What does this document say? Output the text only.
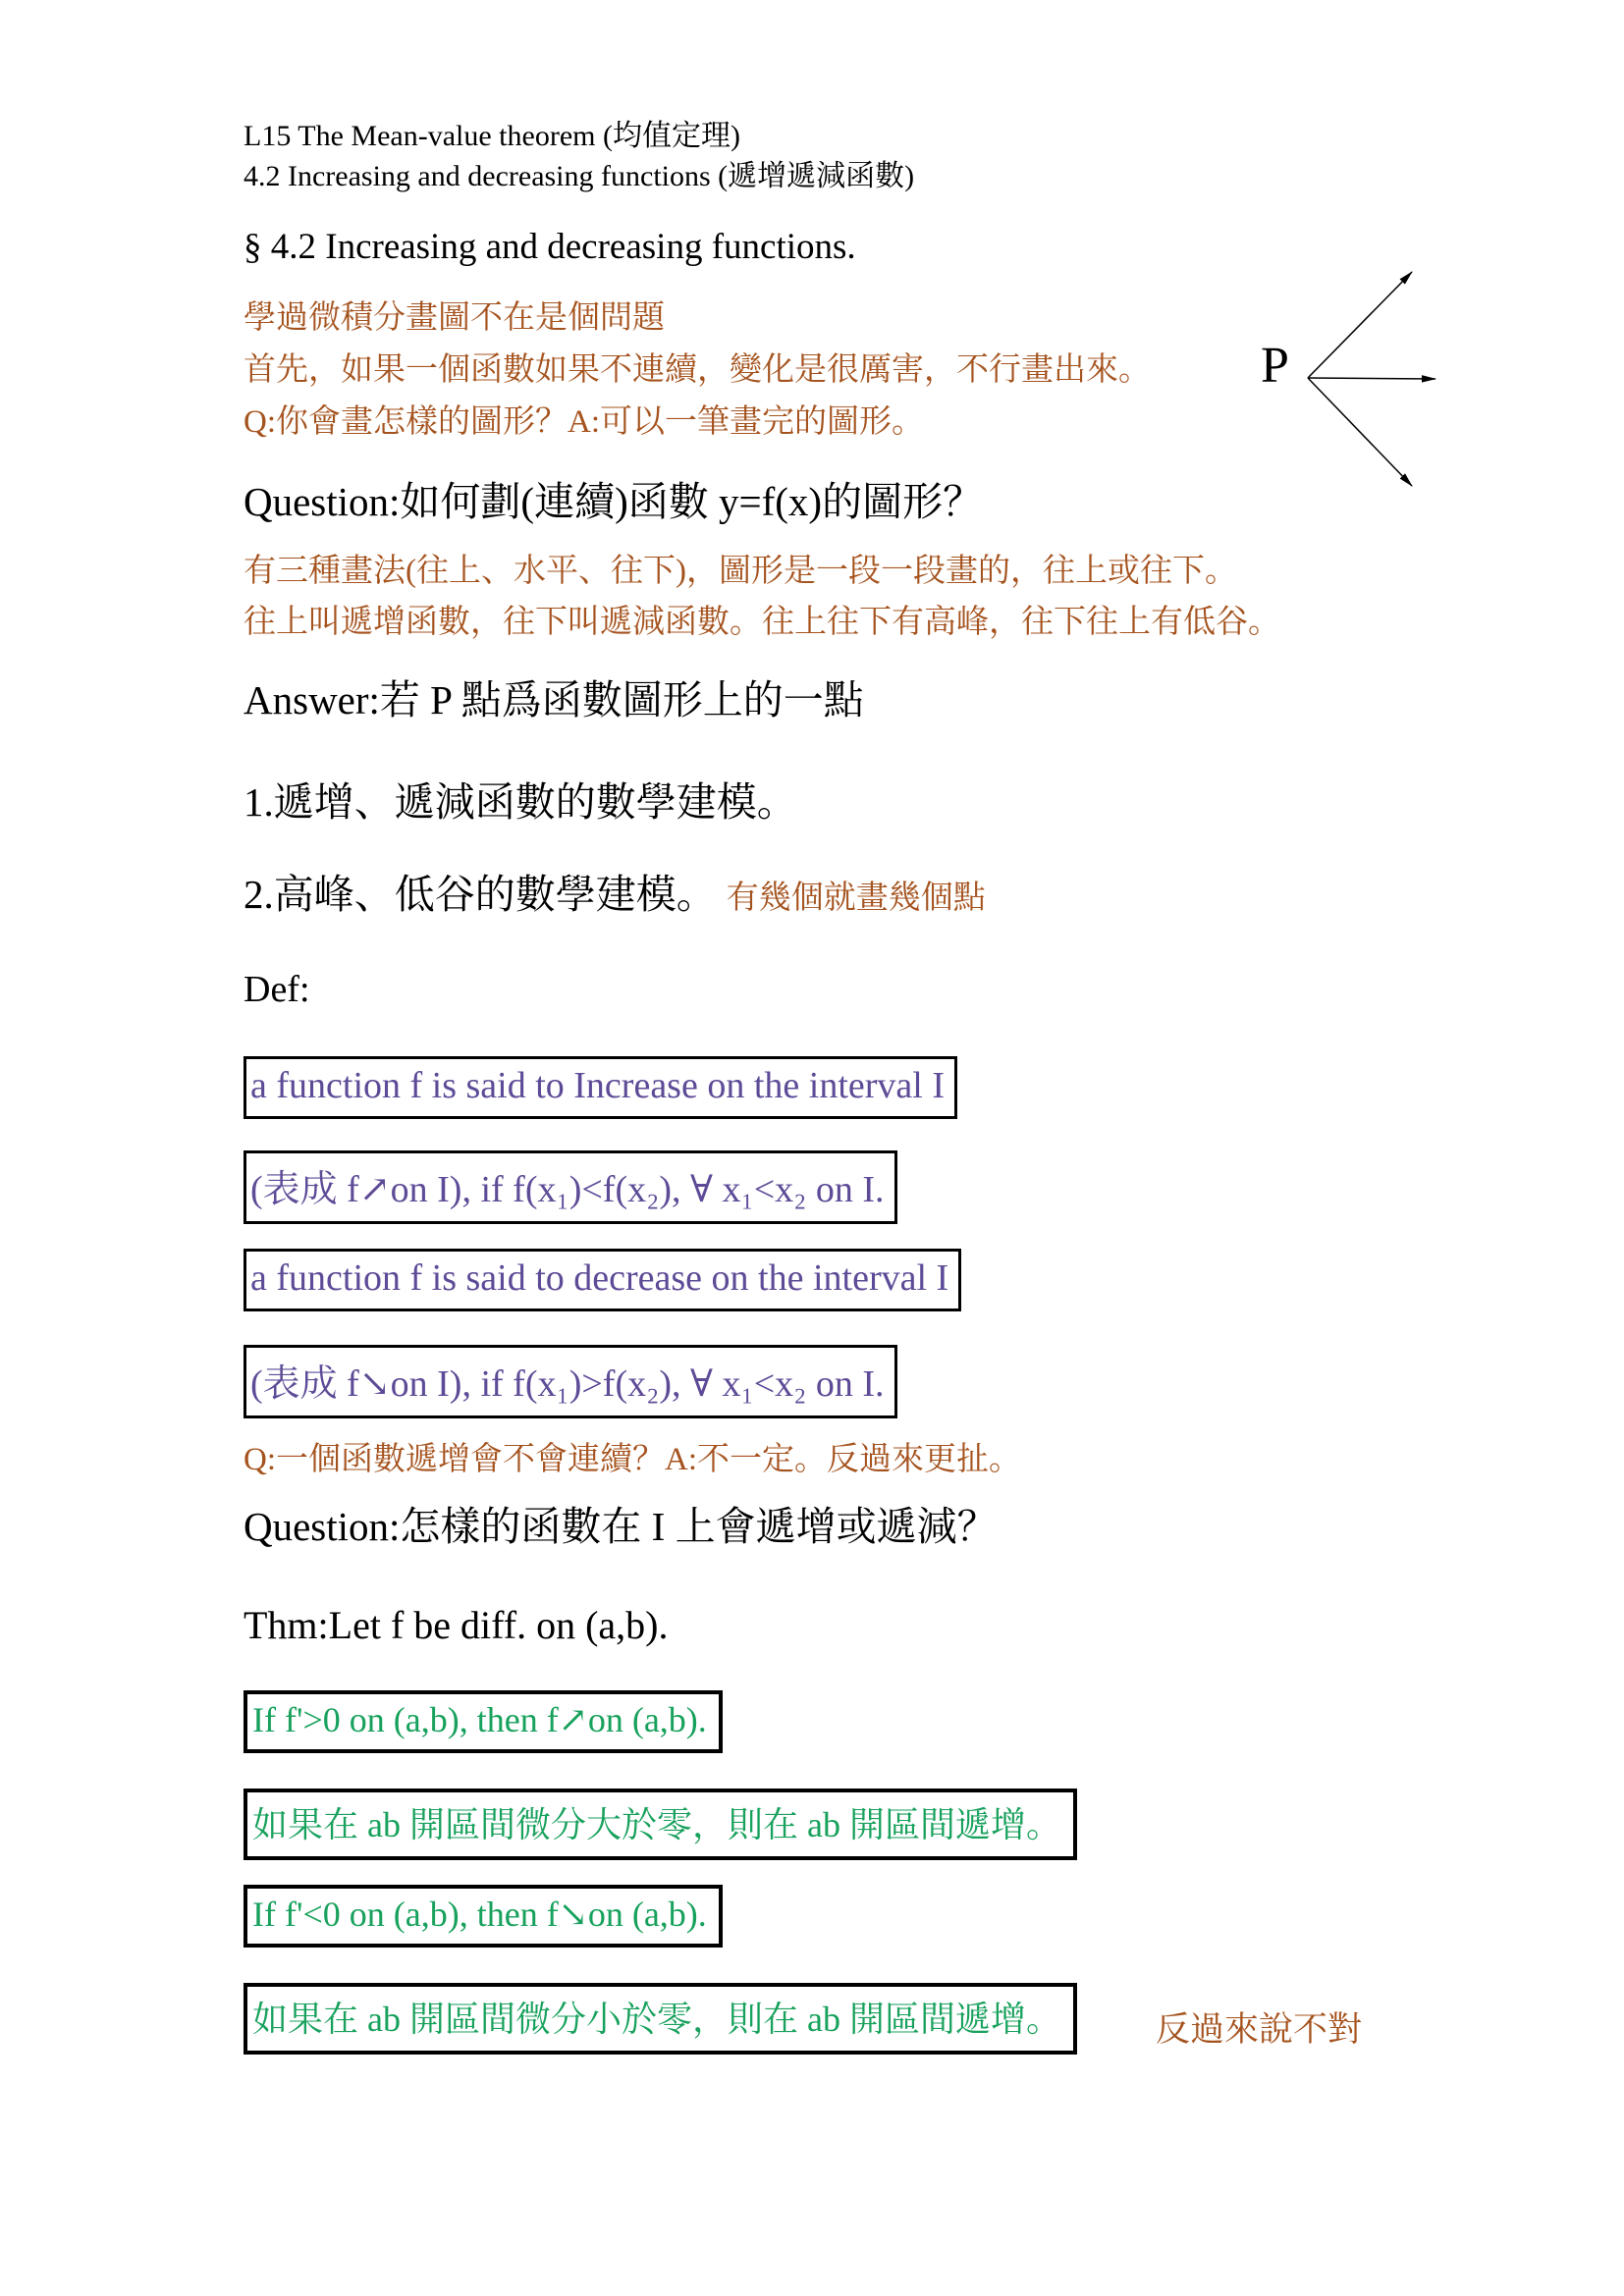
L15 The Mean-value theorem (均值定理)
4.2 Increasing and decreasing functions (遞增遞減函數)
§ 4.2 Increasing and decreasing functions.
學過微積分畫圖不在是個問題
首先，如果一個函數如果不連續，變化是很厲害，不行畫出來。
Q:你會畫怎樣的圖形？A:可以一筆畫完的圖形。
P
Question:如何劃(連續)函數 y=f(x)的圖形？
有三種畫法(往上、水平、往下)，圖形是一段一段畫的，往上或往下。
往上叫遞增函數，往下叫遞減函數。往上往下有高峰，往下往上有低谷。
Answer:若 P 點爲函數圖形上的一點
1.遞增、遞減函數的數學建模。
2.高峰、低谷的數學建模。 有幾個就畫幾個點
Def:
a function f is said to Increase on the interval I
(表成 f↗on I), if f(x₁)<f(x₂), ∀ x₁<x₂ on I.
a function f is said to decrease on the interval I
(表成 f↘on I), if f(x₁)>f(x₂), ∀ x₁<x₂ on I.
Q:一個函數遞增會不會連續？A:不一定。反過來更扯。
Question:怎樣的函數在 I 上會遞增或遞減？
Thm:Let f be diff. on (a,b).
If f'>0 on (a,b), then f↗on (a,b).
如果在 ab 開區間微分大於零，則在 ab 開區間遞增。
If f'<0 on (a,b), then f↘on (a,b).
如果在 ab 開區間微分小於零，則在 ab 開區間遞增。	反過來說不對
